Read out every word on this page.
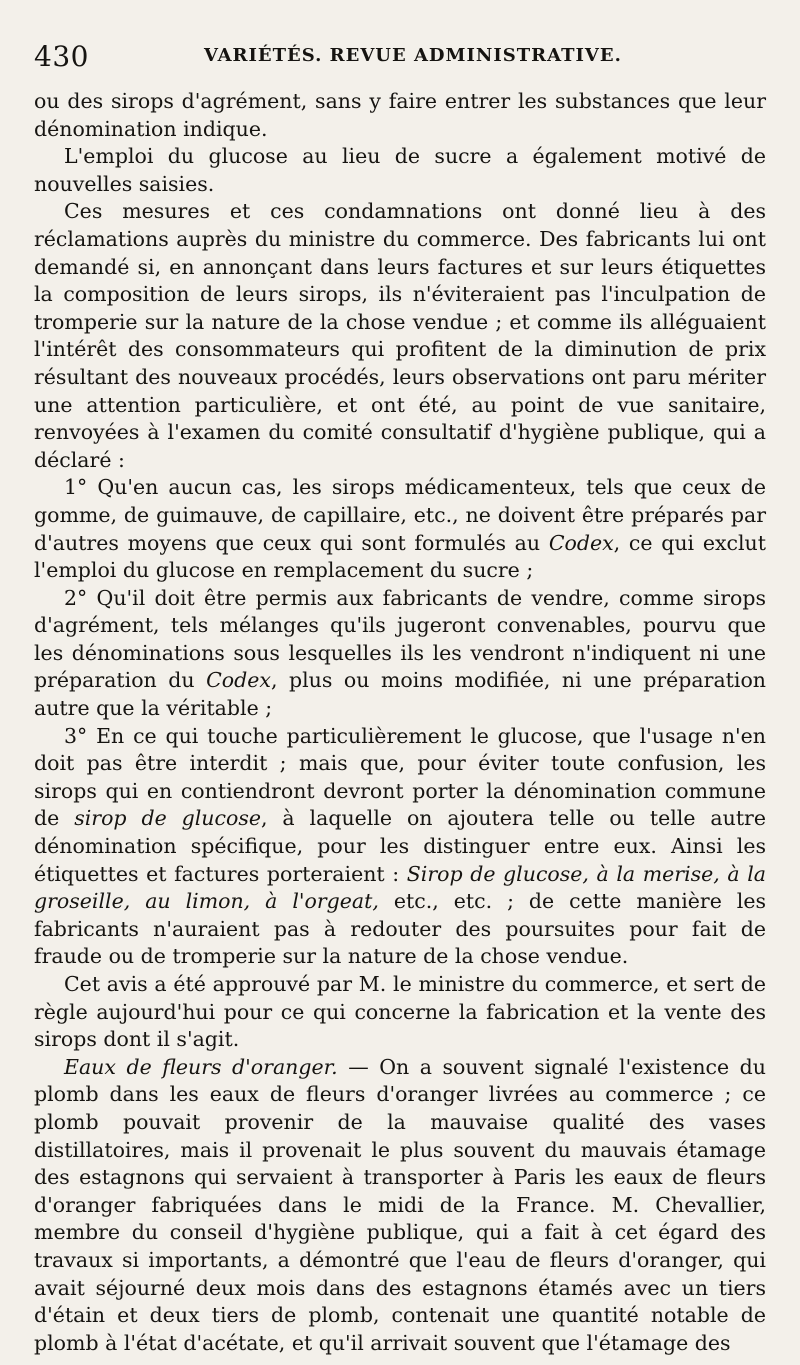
430	VARIÉTÉS. REVUE ADMINISTRATIVE.

ou des sirops d'agrément, sans y faire entrer les substances que leur dénomination indique.

L'emploi du glucose au lieu de sucre a également motivé de nouvelles saisies.

Ces mesures et ces condamnations ont donné lieu à des réclamations auprès du ministre du commerce. Des fabricants lui ont demandé si, en annonçant dans leurs factures et sur leurs étiquettes la composition de leurs sirops, ils n'éviteraient pas l'inculpation de tromperie sur la nature de la chose vendue ; et comme ils alléguaient l'intérêt des consommateurs qui profitent de la diminution de prix résultant des nouveaux procédés, leurs observations ont paru mériter une attention particulière, et ont été, au point de vue sanitaire, renvoyées à l'examen du comité consultatif d'hygiène publique, qui a déclaré :

1° Qu'en aucun cas, les sirops médicamenteux, tels que ceux de gomme, de guimauve, de capillaire, etc., ne doivent être préparés par d'autres moyens que ceux qui sont formulés au Codex, ce qui exclut l'emploi du glucose en remplacement du sucre ;

2° Qu'il doit être permis aux fabricants de vendre, comme sirops d'agrément, tels mélanges qu'ils jugeront convenables, pourvu que les dénominations sous lesquelles ils les vendront n'indiquent ni une préparation du Codex, plus ou moins modifiée, ni une préparation autre que la véritable ;

3° En ce qui touche particulièrement le glucose, que l'usage n'en doit pas être interdit ; mais que, pour éviter toute confusion, les sirops qui en contiendront devront porter la dénomination commune de sirop de glucose, à laquelle on ajoutera telle ou telle autre dénomination spécifique, pour les distinguer entre eux. Ainsi les étiquettes et factures porteraient : Sirop de glucose, à la merise, à la groseille, au limon, à l'orgeat, etc., etc. ; de cette manière les fabricants n'auraient pas à redouter des poursuites pour fait de fraude ou de tromperie sur la nature de la chose vendue.

Cet avis a été approuvé par M. le ministre du commerce, et sert de règle aujourd'hui pour ce qui concerne la fabrication et la vente des sirops dont il s'agit.

Eaux de fleurs d'oranger. — On a souvent signalé l'existence du plomb dans les eaux de fleurs d'oranger livrées au commerce ; ce plomb pouvait provenir de la mauvaise qualité des vases distillatoires, mais il provenait le plus souvent du mauvais étamage des estagnons qui servaient à transporter à Paris les eaux de fleurs d'oranger fabriquées dans le midi de la France. M. Chevallier, membre du conseil d'hygiène publique, qui a fait à cet égard des travaux si importants, a démontré que l'eau de fleurs d'oranger, qui avait séjourné deux mois dans des estagnons étamés avec un tiers d'étain et deux tiers de plomb, contenait une quantité notable de plomb à l'état d'acétate, et qu'il arrivait souvent que l'étamage des
